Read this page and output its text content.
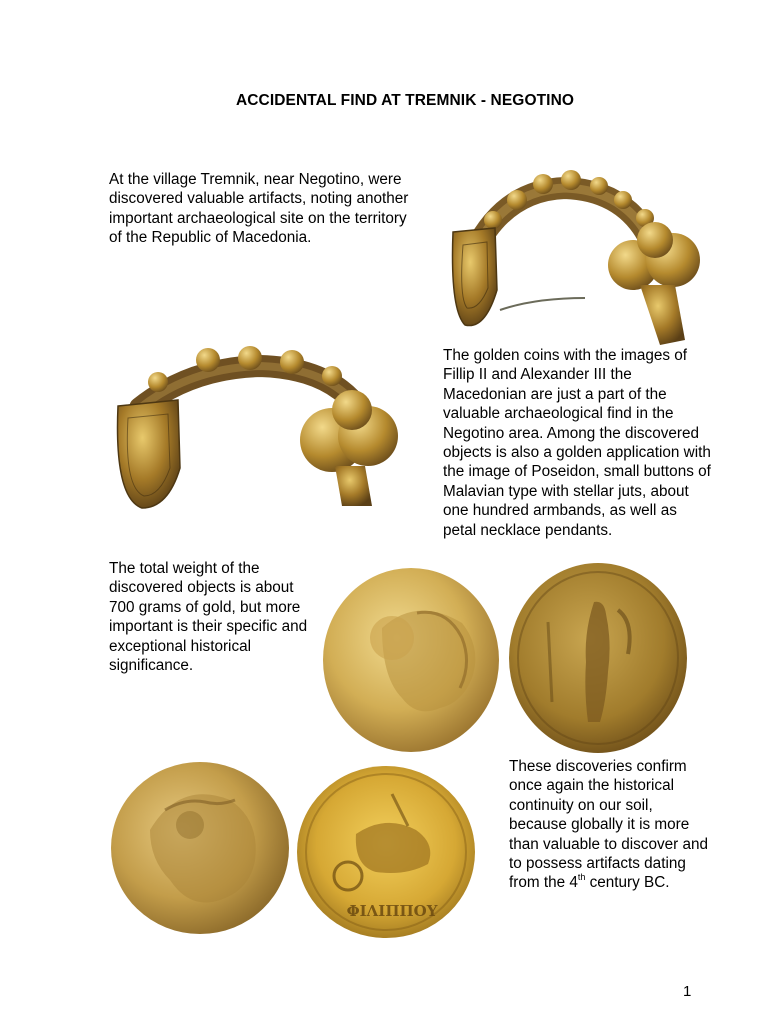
ACCIDENTAL FIND AT TREMNIK - NEGOTINO

At the village Tremnik, near Negotino, were discovered valuable artifacts, noting another important archaeological site on the territory of the Republic of Macedonia.

The golden coins with the images of Fillip II and Alexander III the Macedonian are just a part of the valuable archaeological find in the Negotino area. Among the discovered objects is also a golden application with the image of Poseidon, small buttons of Malavian type with stellar juts, about one hundred armbands, as well as petal necklace pendants.

The total weight of the discovered objects is about 700 grams of gold, but more important is their specific and exceptional historical significance.

ΦΙΛΙΠΠΟΥ

These discoveries confirm once again the historical continuity on our soil, because globally it is more than valuable to discover and to possess artifacts dating from the 4th century BC.

1
